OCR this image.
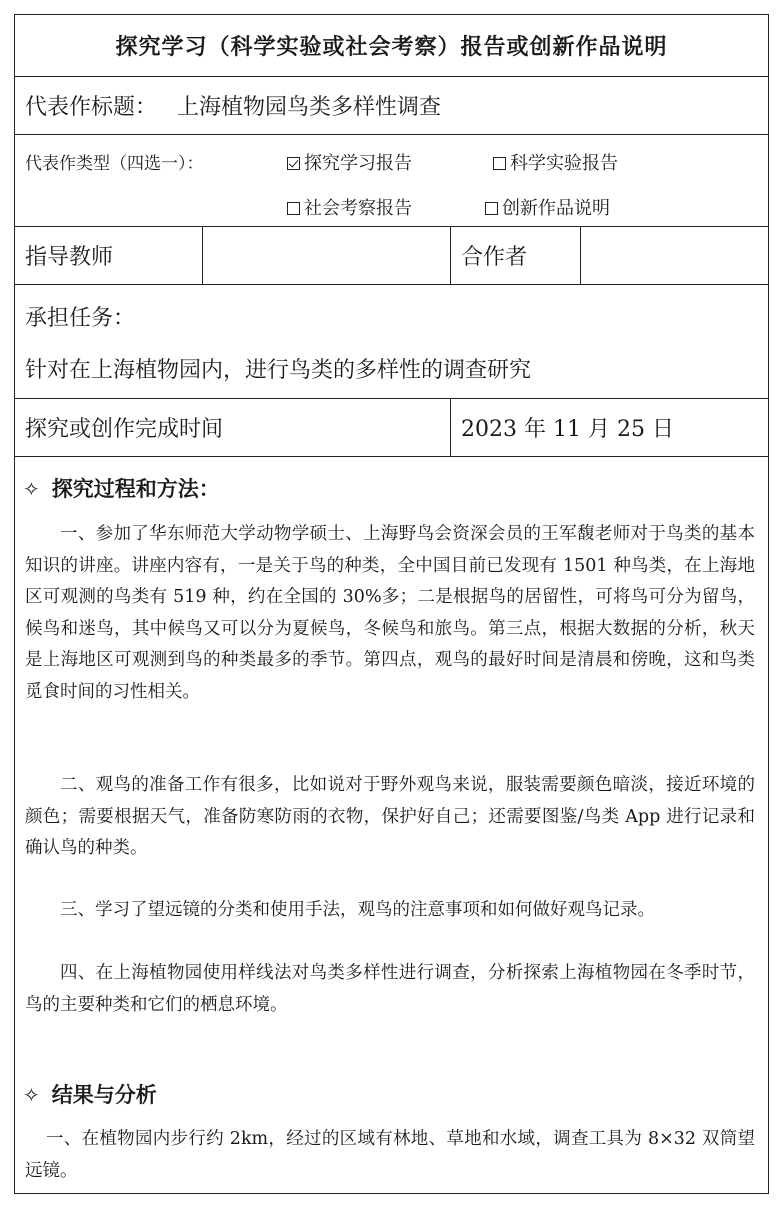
探究学习（科学实验或社会考察）报告或创新作品说明
代表作标题： 上海植物园鸟类多样性调查
代表作类型（四选一）：	探究学习报告	科学实验报告
社会考察报告	创新作品说明
指导教师	合作者
承担任务：
针对在上海植物园内，进行鸟类的多样性的调查研究
探究或创作完成时间	2023 年 11 月 25 日
✧ 探究过程和方法：

一、参加了华东师范大学动物学硕士、上海野鸟会资深会员的王军馥老师对于鸟类的基本知识的讲座。讲座内容有，一是关于鸟的种类，全中国目前已发现有 1501 种鸟类，在上海地区可观测的鸟类有 519 种，约在全国的 30%多；二是根据鸟的居留性，可将鸟可分为留鸟，候鸟和迷鸟，其中候鸟又可以分为夏候鸟，冬候鸟和旅鸟。第三点，根据大数据的分析，秋天是上海地区可观测到鸟的种类最多的季节。第四点，观鸟的最好时间是清晨和傍晚，这和鸟类觅食时间的习性相关。

二、观鸟的准备工作有很多，比如说对于野外观鸟来说，服装需要颜色暗淡，接近环境的颜色；需要根据天气，准备防寒防雨的衣物，保护好自己；还需要图鉴/鸟类 App 进行记录和确认鸟的种类。

三、学习了望远镜的分类和使用手法，观鸟的注意事项和如何做好观鸟记录。

四、在上海植物园使用样线法对鸟类多样性进行调查，分析探索上海植物园在冬季时节，鸟的主要种类和它们的栖息环境。

✧ 结果与分析

一、在植物园内步行约 2km，经过的区域有林地、草地和水域，调查工具为 8×32 双筒望远镜。
